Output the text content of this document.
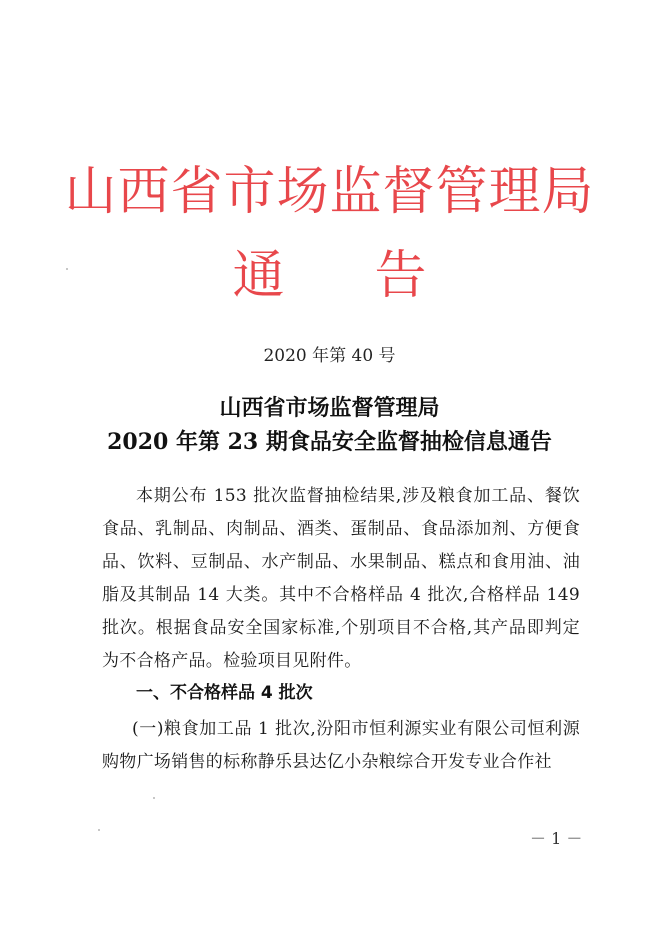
山西省市场监督管理局
通告
2020 年第 40 号
山西省市场监督管理局
2020 年第 23 期食品安全监督抽检信息通告
本期公布 153 批次监督抽检结果,涉及粮食加工品、餐饮食品、乳制品、肉制品、酒类、蛋制品、食品添加剂、方便食品、饮料、豆制品、水产制品、水果制品、糕点和食用油、油脂及其制品 14 大类。其中不合格样品 4 批次,合格样品 149 批次。根据食品安全国家标准,个别项目不合格,其产品即判定为不合格产品。检验项目见附件。
一、不合格样品 4 批次
(一)粮食加工品 1 批次,汾阳市恒利源实业有限公司恒利源购物广场销售的标称静乐县达亿小杂粮综合开发专业合作社
－ 1 －
